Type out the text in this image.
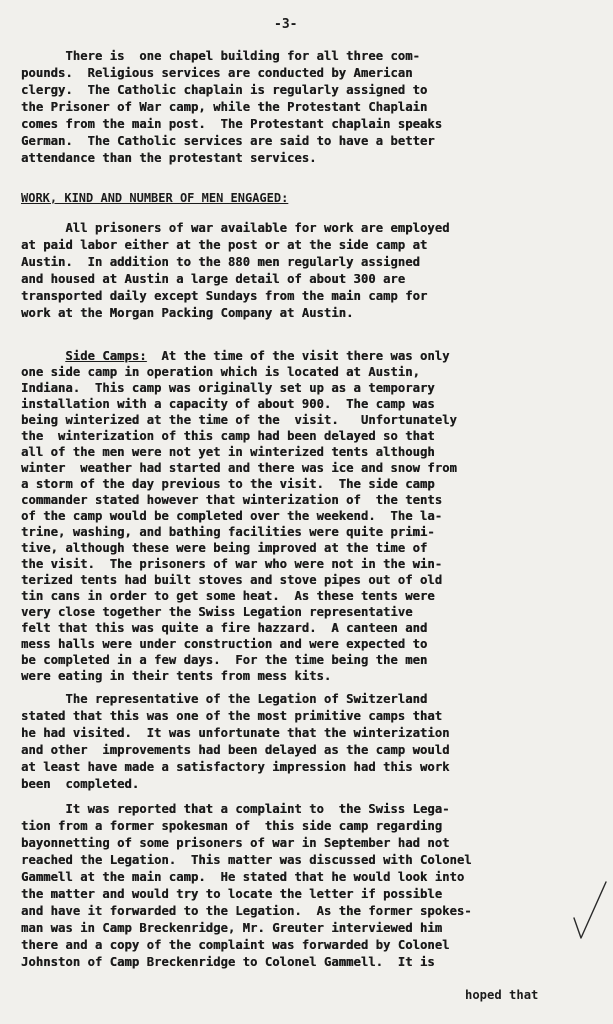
-3-
There is  one chapel building for all three com-
pounds.  Religious services are conducted by American
clergy.  The Catholic chaplain is regularly assigned to
the Prisoner of War camp, while the Protestant Chaplain
comes from the main post.  The Protestant chaplain speaks
German.  The Catholic services are said to have a better
attendance than the protestant services.
WORK, KIND AND NUMBER OF MEN ENGAGED:
All prisoners of war available for work are employed
at paid labor either at the post or at the side camp at
Austin.  In addition to the 880 men regularly assigned
and housed at Austin a large detail of about 300 are
transported daily except Sundays from the main camp for
work at the Morgan Packing Company at Austin.
Side Camps:  At the time of the visit there was only
one side camp in operation which is located at Austin,
Indiana.  This camp was originally set up as a temporary
installation with a capacity of about 900.  The camp was
being winterized at the time of the  visit.   Unfortunately
the  winterization of this camp had been delayed so that
all of the men were not yet in winterized tents although
winter  weather had started and there was ice and snow from
a storm of the day previous to the visit.  The side camp
commander stated however that winterization of  the tents
of the camp would be completed over the weekend.  The la-
trine, washing, and bathing facilities were quite primi-
tive, although these were being improved at the time of
the visit.  The prisoners of war who were not in the win-
terized tents had built stoves and stove pipes out of old
tin cans in order to get some heat.  As these tents were
very close together the Swiss Legation representative
felt that this was quite a fire hazzard.  A canteen and
mess halls were under construction and were expected to
be completed in a few days.  For the time being the men
were eating in their tents from mess kits.
The representative of the Legation of Switzerland
stated that this was one of the most primitive camps that
he had visited.  It was unfortunate that the winterization
and other  improvements had been delayed as the camp would
at least have made a satisfactory impression had this work
been  completed.
It was reported that a complaint to  the Swiss Lega-
tion from a former spokesman of  this side camp regarding
bayonnetting of some prisoners of war in September had not
reached the Legation.  This matter was discussed with Colonel
Gammell at the main camp.  He stated that he would look into
the matter and would try to locate the letter if possible
and have it forwarded to the Legation.  As the former spokes-
man was in Camp Breckenridge, Mr. Greuter interviewed him
there and a copy of the complaint was forwarded by Colonel
Johnston of Camp Breckenridge to Colonel Gammell.  It is
hoped that
